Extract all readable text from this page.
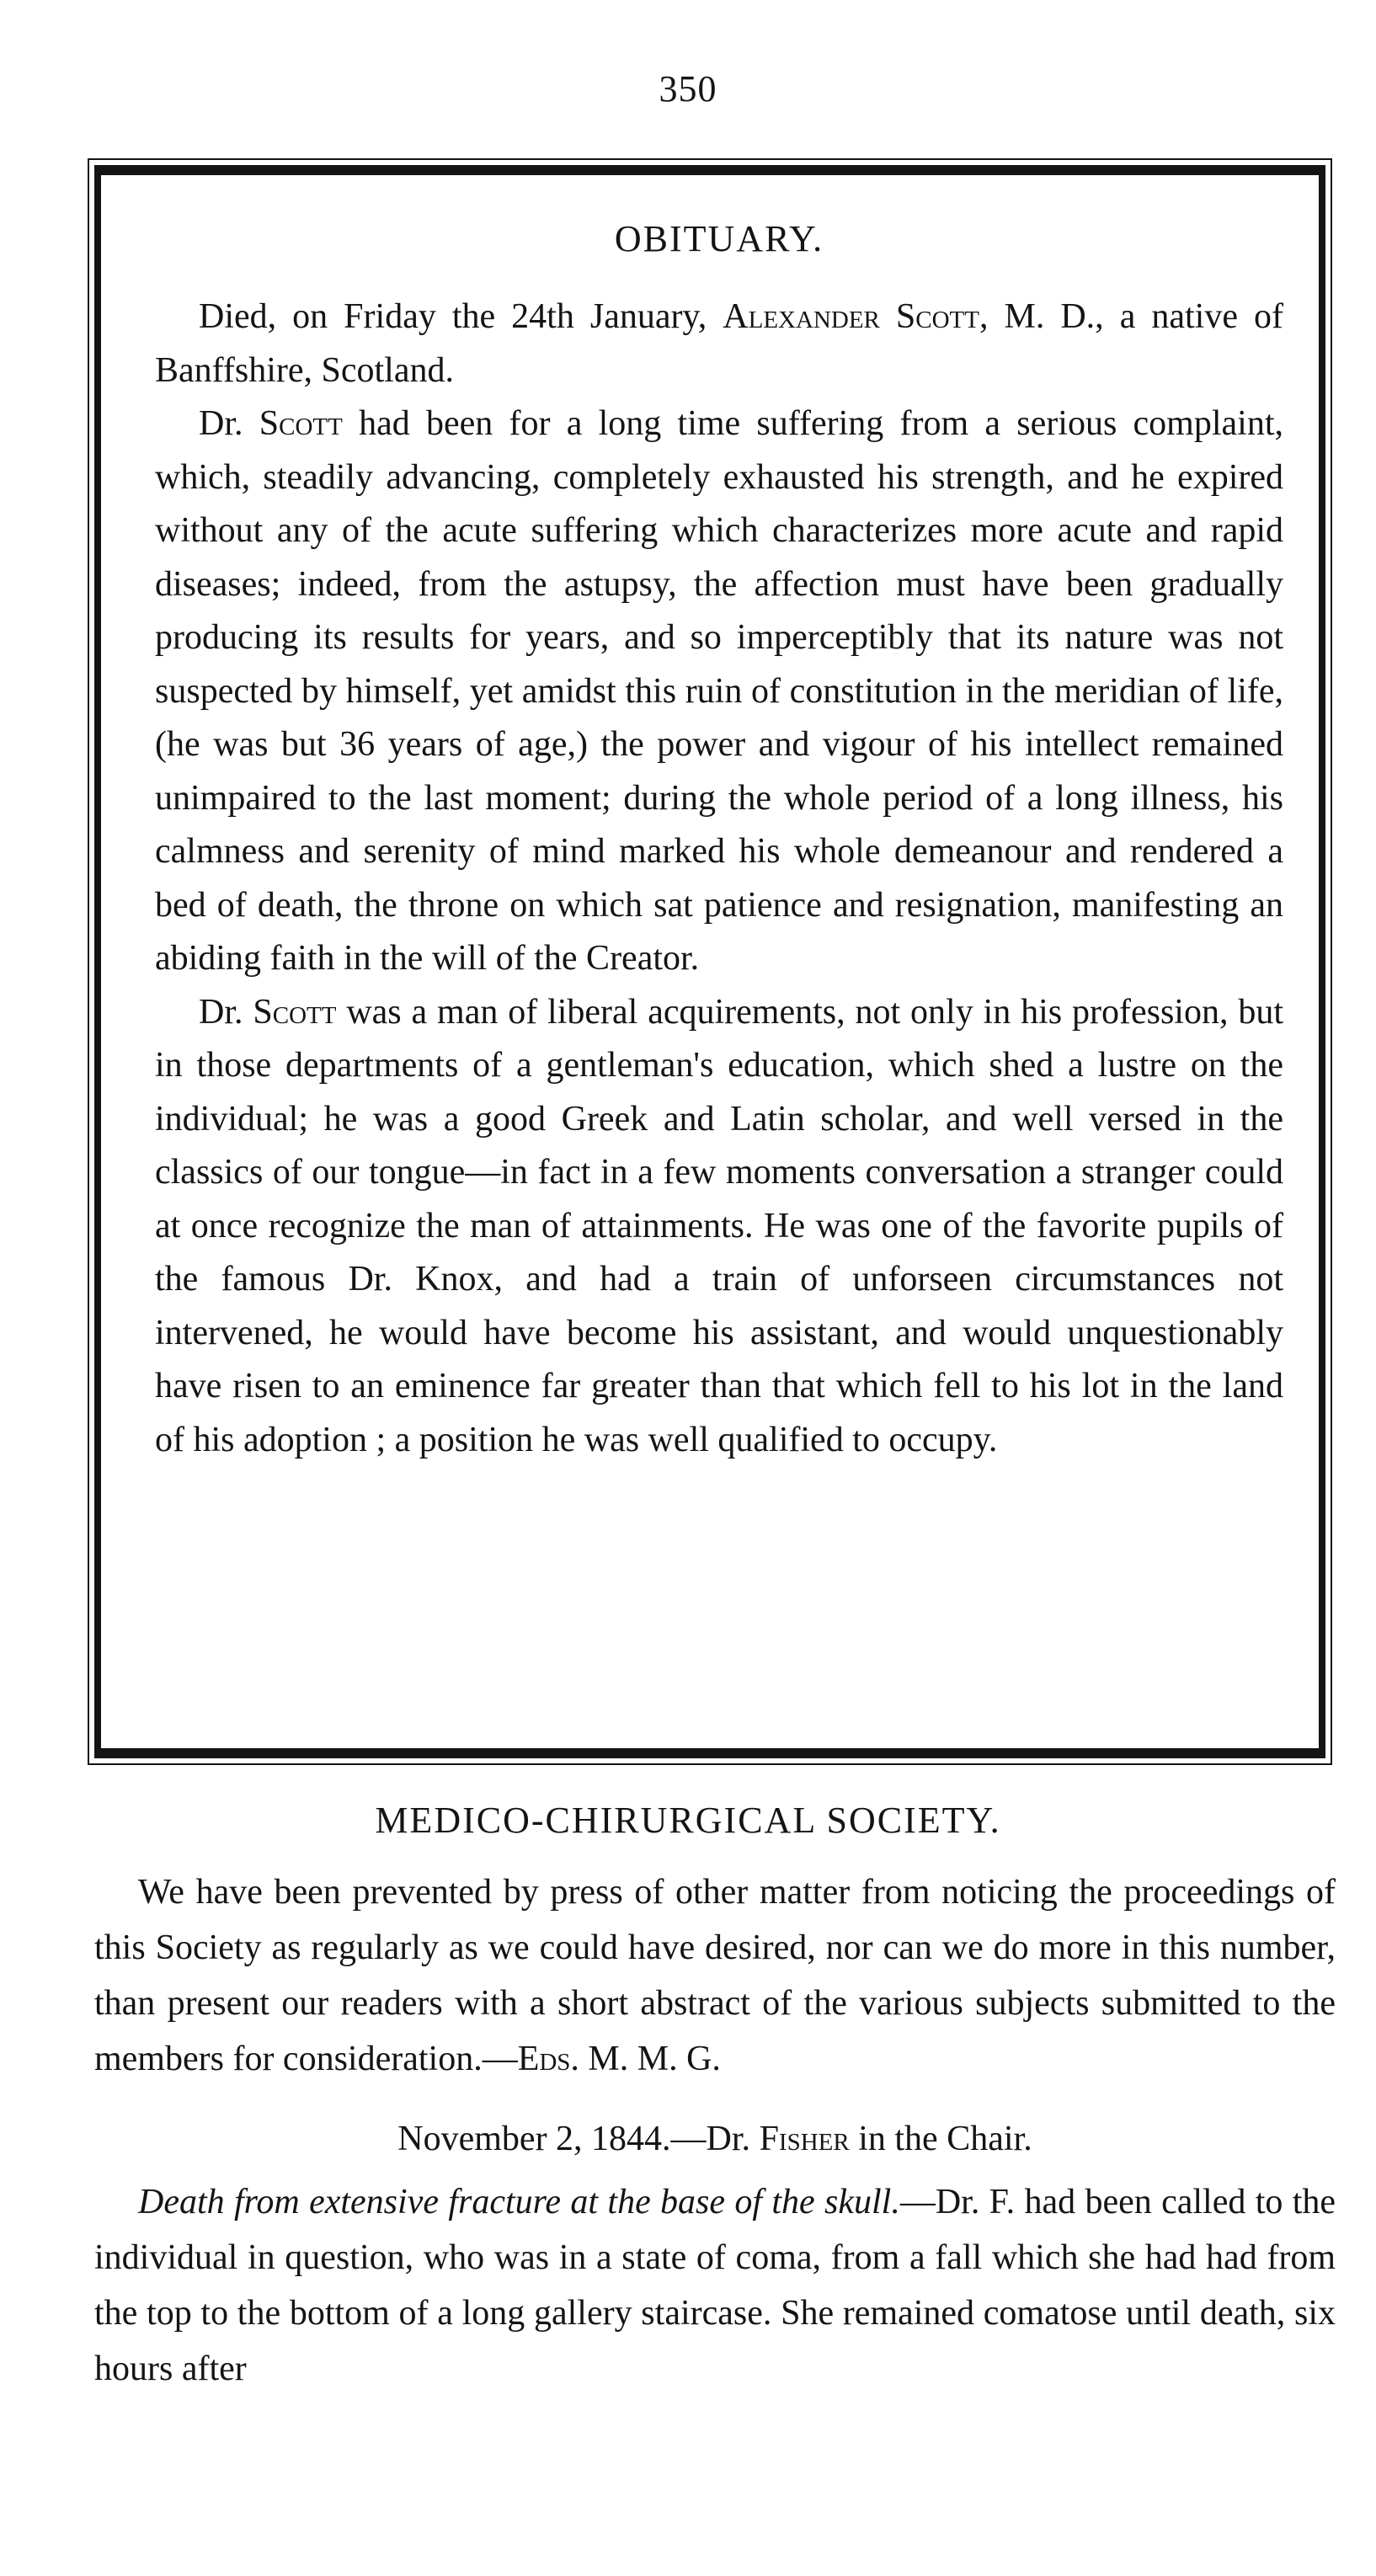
350
OBITUARY.

Died, on Friday the 24th January, Alexander Scott, M. D., a native of Banffshire, Scotland.

Dr. Scott had been for a long time suffering from a serious complaint, which, steadily advancing, completely exhausted his strength, and he expired without any of the acute suffering which characterizes more acute and rapid diseases; indeed, from the astupsy, the affection must have been gradually producing its results for years, and so imperceptibly that its nature was not suspected by himself, yet amidst this ruin of constitution in the meridian of life, (he was but 36 years of age,) the power and vigour of his intellect remained unimpaired to the last moment; during the whole period of a long illness, his calmness and serenity of mind marked his whole demeanour and rendered a bed of death, the throne on which sat patience and resignation, manifesting an abiding faith in the will of the Creator.

Dr. Scott was a man of liberal acquirements, not only in his profession, but in those departments of a gentleman's education, which shed a lustre on the individual; he was a good Greek and Latin scholar, and well versed in the classics of our tongue—in fact in a few moments conversation a stranger could at once recognize the man of attainments. He was one of the favorite pupils of the famous Dr. Knox, and had a train of unforseen circumstances not intervened, he would have become his assistant, and would unquestionably have risen to an eminence far greater than that which fell to his lot in the land of his adoption ; a position he was well qualified to occupy.

MEDICO-CHIRURGICAL SOCIETY.

We have been prevented by press of other matter from noticing the proceedings of this Society as regularly as we could have desired, nor can we do more in this number, than present our readers with a short abstract of the various subjects submitted to the members for consideration.—Eds. M. M. G.

November 2, 1844.—Dr. Fisher in the Chair.

Death from extensive fracture at the base of the skull.—Dr. F. had been called to the individual in question, who was in a state of coma, from a fall which she had had from the top to the bottom of a long gallery staircase. She remained comatose until death, six hours after
